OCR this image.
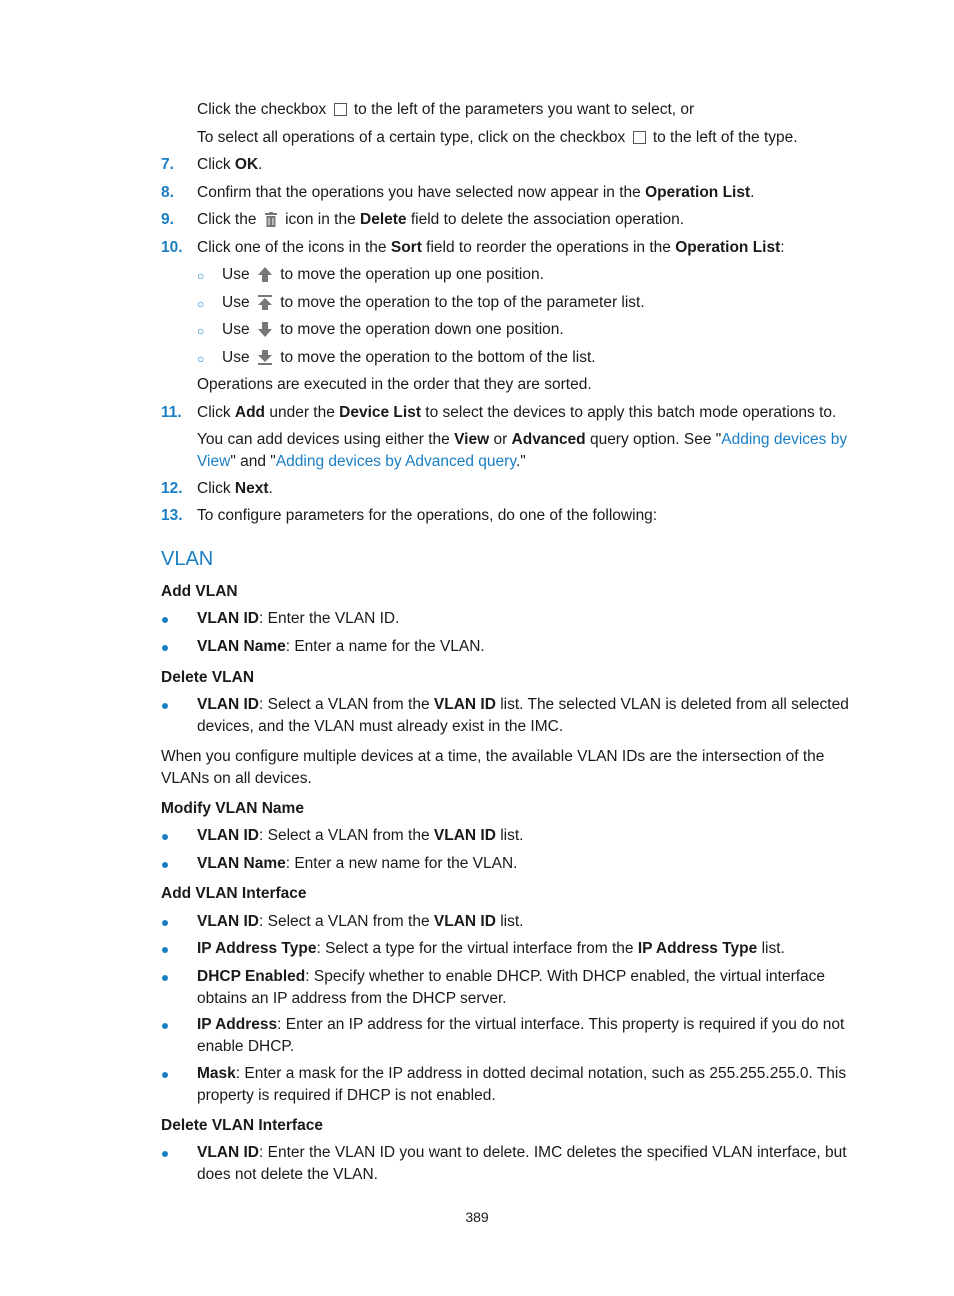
Click the checkbox to the left of the parameters you want to select, or
To select all operations of a certain type, click on the checkbox to the left of the type.
7. Click OK.
8. Confirm that the operations you have selected now appear in the Operation List.
9. Click the icon in the Delete field to delete the association operation.
10. Click one of the icons in the Sort field to reorder the operations in the Operation List:
○ Use to move the operation up one position.
○ Use to move the operation to the top of the parameter list.
○ Use to move the operation down one position.
○ Use to move the operation to the bottom of the list.
Operations are executed in the order that they are sorted.
11. Click Add under the Device List to select the devices to apply this batch mode operations to.
You can add devices using either the View or Advanced query option. See "Adding devices by View" and "Adding devices by Advanced query."
12. Click Next.
13. To configure parameters for the operations, do one of the following:
VLAN
Add VLAN
VLAN ID: Enter the VLAN ID.
VLAN Name: Enter a name for the VLAN.
Delete VLAN
VLAN ID: Select a VLAN from the VLAN ID list. The selected VLAN is deleted from all selected devices, and the VLAN must already exist in the IMC.
When you configure multiple devices at a time, the available VLAN IDs are the intersection of the VLANs on all devices.
Modify VLAN Name
VLAN ID: Select a VLAN from the VLAN ID list.
VLAN Name: Enter a new name for the VLAN.
Add VLAN Interface
VLAN ID: Select a VLAN from the VLAN ID list.
IP Address Type: Select a type for the virtual interface from the IP Address Type list.
DHCP Enabled: Specify whether to enable DHCP. With DHCP enabled, the virtual interface obtains an IP address from the DHCP server.
IP Address: Enter an IP address for the virtual interface. This property is required if you do not enable DHCP.
Mask: Enter a mask for the IP address in dotted decimal notation, such as 255.255.255.0. This property is required if DHCP is not enabled.
Delete VLAN Interface
VLAN ID: Enter the VLAN ID you want to delete. IMC deletes the specified VLAN interface, but does not delete the VLAN.
389
